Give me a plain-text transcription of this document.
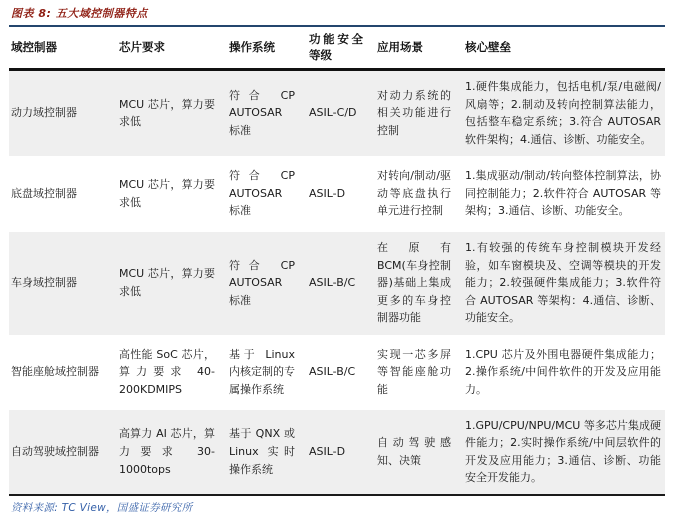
图表 8: 五大域控制器特点
域控制器	芯片要求	操作系统	功能安全等级	应用场景	核心壁垒
动力域控制器	MCU 芯片，算力要求低	符合 CP AUTOSAR 标准	ASIL-C/D	对动力系统的相关功能进行控制	1.硬件集成能力，包括电机/泵/电磁阀/风扇等；2.制动及转向控制算法能力，包括整车稳定系统；3.符合 AUTOSAR 软件架构；4.通信、诊断、功能安全。
底盘域控制器	MCU 芯片，算力要求低	符合 CP AUTOSAR 标准	ASIL-D	对转向/制动/驱动等底盘执行单元进行控制	1.集成驱动/制动/转向整体控制算法，协同控制能力；2.软件符合 AUTOSAR 等架构；3.通信、诊断、功能安全。
车身域控制器	MCU 芯片，算力要求低	符合 CP AUTOSAR 标准	ASIL-B/C	在原有 BCM(车身控制器)基础上集成更多的车身控制器功能	1.有较强的传统车身控制模块开发经验，如车窗模块及、空调等模块的开发能力；2.较强硬件集成能力；3.软件符合 AUTOSAR 等架构：4.通信、诊断、功能安全。
智能座舱域控制器	高性能 SoC 芯片，算力要求 40-200KDMIPS	基于 Linux 内核定制的专属操作系统	ASIL-B/C	实现一芯多屏等智能座舱功能	1.CPU 芯片及外围电器硬件集成能力；2.操作系统/中间件软件的开发及应用能力。
自动驾驶域控制器	高算力 AI 芯片，算力要求 30-1000tops	基于 QNX 或 Linux 实时操作系统	ASIL-D	自动驾驶感知、决策	1.GPU/CPU/NPU/MCU 等多芯片集成硬件能力；2.实时操作系统/中间层软件的开发及应用能力；3.通信、诊断、功能安全开发能力。
资料来源: TC View，国盛证券研究所
